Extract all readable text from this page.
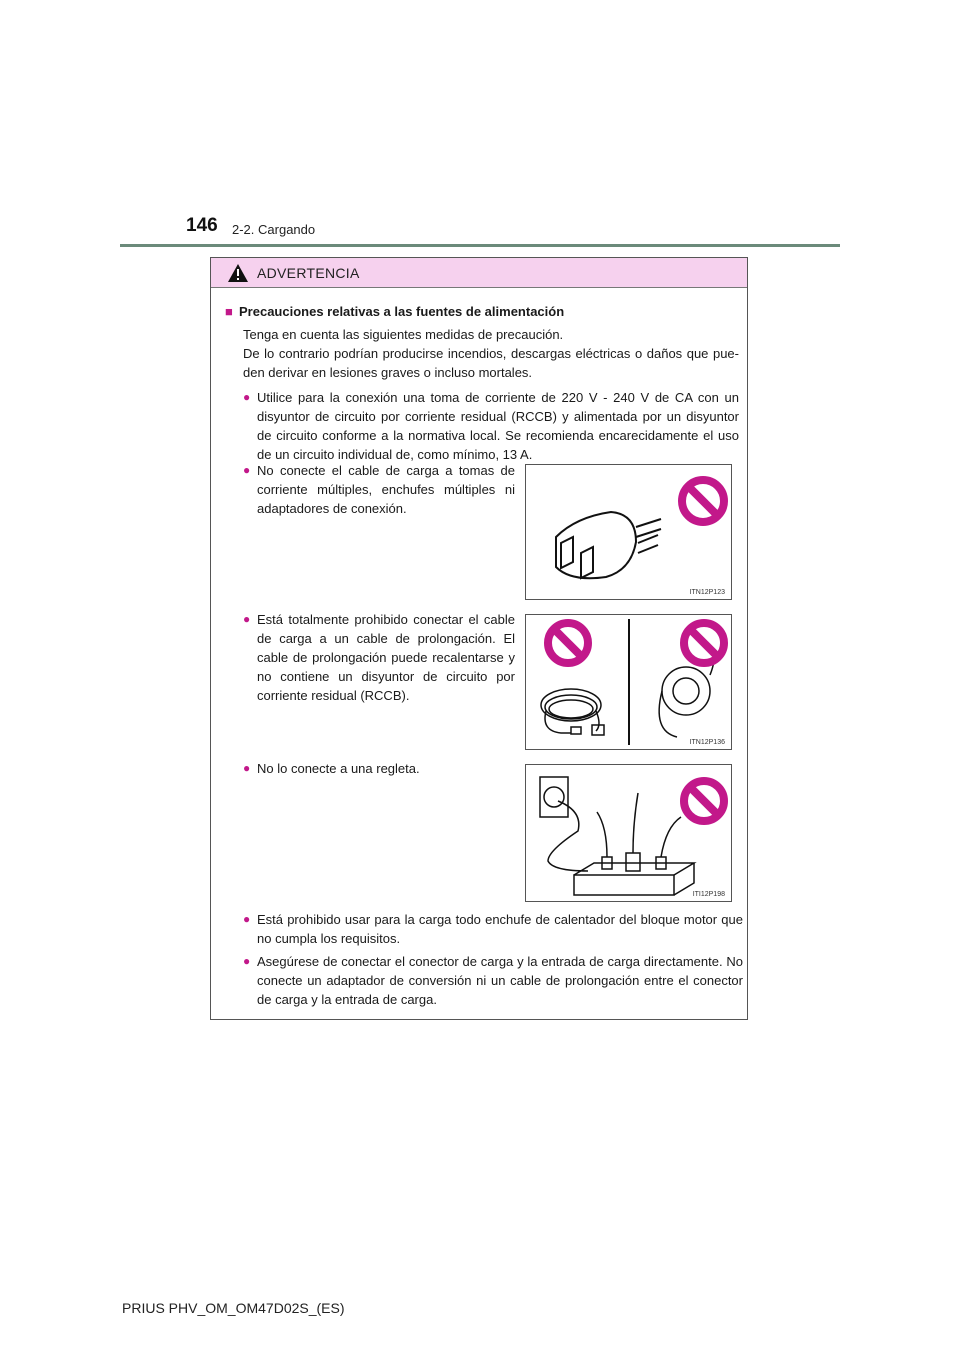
146 2-2. Cargando
ADVERTENCIA
■ Precauciones relativas a las fuentes de alimentación
Tenga en cuenta las siguientes medidas de precaución.
De lo contrario podrían producirse incendios, descargas eléctricas o daños que pue-den derivar en lesiones graves o incluso mortales.
● Utilice para la conexión una toma de corriente de 220 V - 240 V de CA con un disyuntor de circuito por corriente residual (RCCB) y alimentada por un disyuntor de circuito conforme a la normativa local. Se recomienda encarecidamente el uso de un circuito individual de, como mínimo, 13 A.
● No conecte el cable de carga a tomas de corriente múltiples, enchufes múltiples ni adaptadores de conexión.
● Está totalmente prohibido conectar el cable de carga a un cable de prolongación. El cable de prolongación puede recalentarse y no contiene un disyuntor de circuito por corriente residual (RCCB).
● No lo conecte a una regleta.
● Está prohibido usar para la carga todo enchufe de calentador del bloque motor que no cumpla los requisitos.
● Asegúrese de conectar el conector de carga y la entrada de carga directamente. No conecte un adaptador de conversión ni un cable de prolongación entre el conector de carga y la entrada de carga.
ITN12P123
ITN12P136
ITI12P198
PRIUS PHV_OM_OM47D02S_(ES)
